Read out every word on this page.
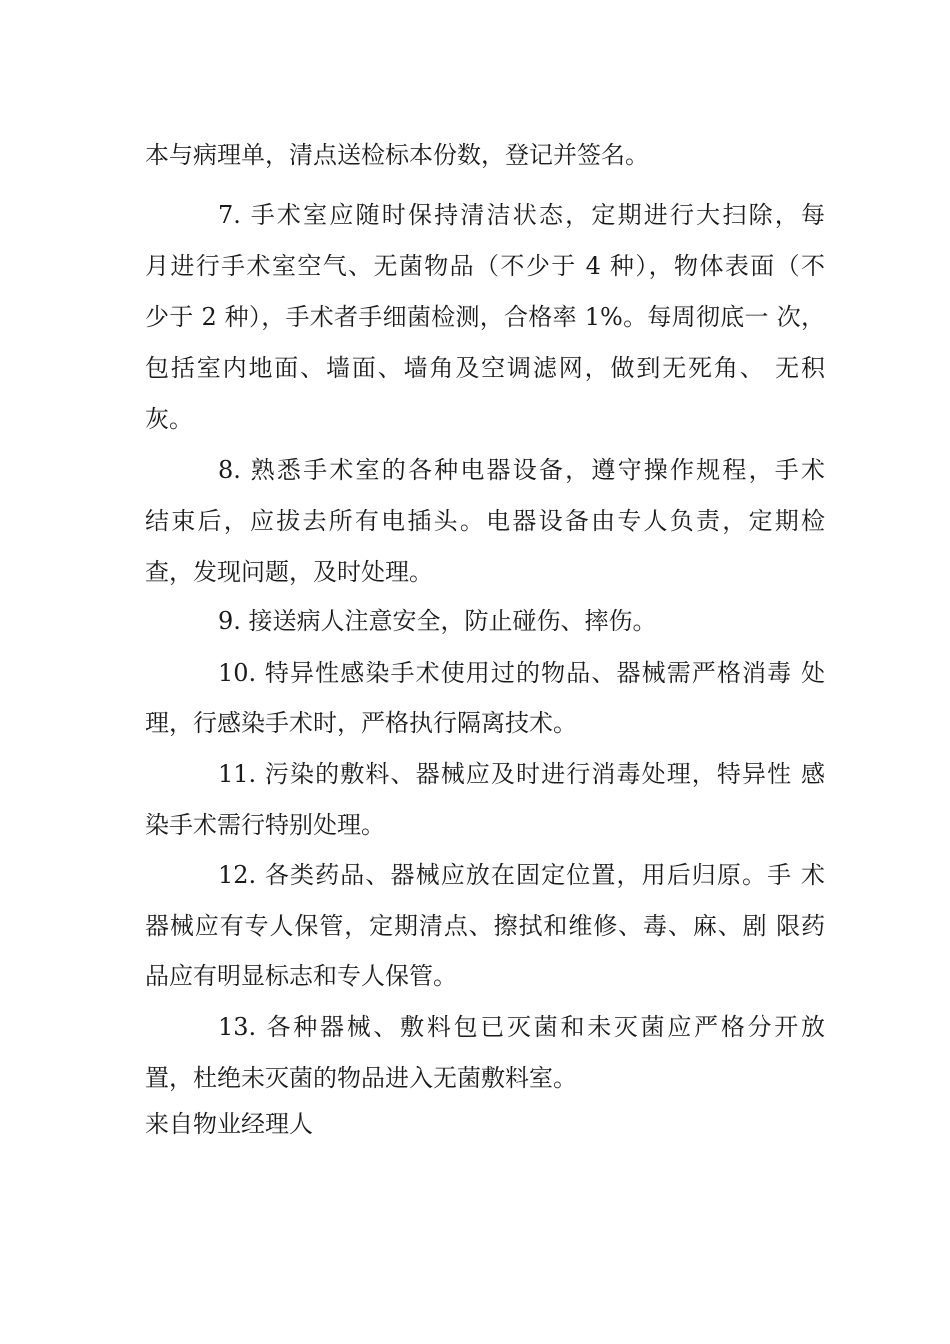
本与病理单，清点送检标本份数，登记并签名。
7. 手术室应随时保持清洁状态，定期进行大扫除，每
月进行手术室空气、无菌物品（不少于 4 种），物体表面（不
少于 2 种），手术者手细菌检测，合格率 1%。每周彻底一 次，
包括室内地面、墙面、墙角及空调滤网，做到无死角、 无积
灰。
8. 熟悉手术室的各种电器设备，遵守操作规程，手术
结束后，应拔去所有电插头。电器设备由专人负责，定期检
查，发现问题，及时处理。
9. 接送病人注意安全，防止碰伤、摔伤。
10. 特异性感染手术使用过的物品、器械需严格消毒 处
理，行感染手术时，严格执行隔离技术。
11. 污染的敷料、器械应及时进行消毒处理，特异性 感
染手术需行特别处理。
12. 各类药品、器械应放在固定位置，用后归原。手 术
器械应有专人保管，定期清点、擦拭和维修、毒、麻、剧 限药
品应有明显标志和专人保管。
13. 各种器械、敷料包已灭菌和未灭菌应严格分开放
置，杜绝未灭菌的物品进入无菌敷料室。
来自物业经理人
